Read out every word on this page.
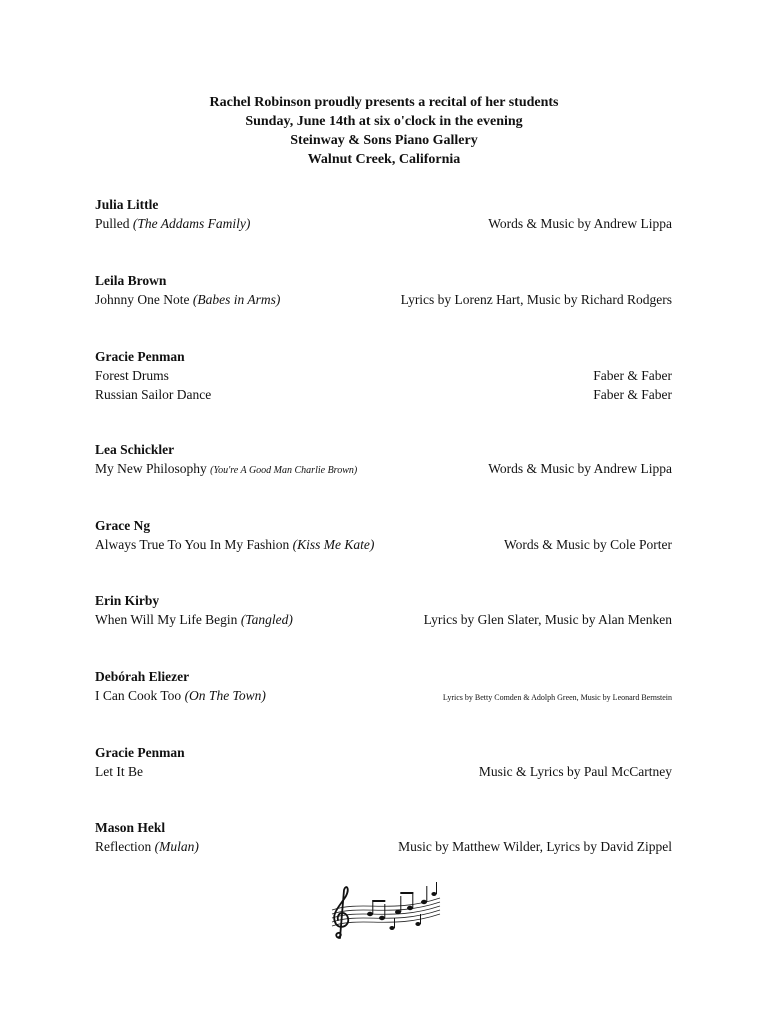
Rachel Robinson proudly presents a recital of her students
Sunday, June 14th at six o'clock in the evening
Steinway & Sons Piano Gallery
Walnut Creek, California
Julia Little
Pulled (The Addams Family)	Words & Music by Andrew Lippa
Leila Brown
Johnny One Note (Babes in Arms)	Lyrics by Lorenz Hart, Music by Richard Rodgers
Gracie Penman
Forest Drums	Faber & Faber
Russian Sailor Dance	Faber & Faber
Lea Schickler
My New Philosophy (You're A Good Man Charlie Brown)	Words & Music by Andrew Lippa
Grace Ng
Always True To You In My Fashion (Kiss Me Kate)	Words & Music by Cole Porter
Erin Kirby
When Will My Life Begin (Tangled)	Lyrics by Glen Slater, Music by Alan Menken
Debórah Eliezer
I Can Cook Too (On The Town)	Lyrics by Betty Comden & Adolph Green, Music by Leonard Bernstein
Gracie Penman
Let It Be	Music & Lyrics by Paul McCartney
Mason Hekl
Reflection (Mulan)	Music by Matthew Wilder, Lyrics by David Zippel
